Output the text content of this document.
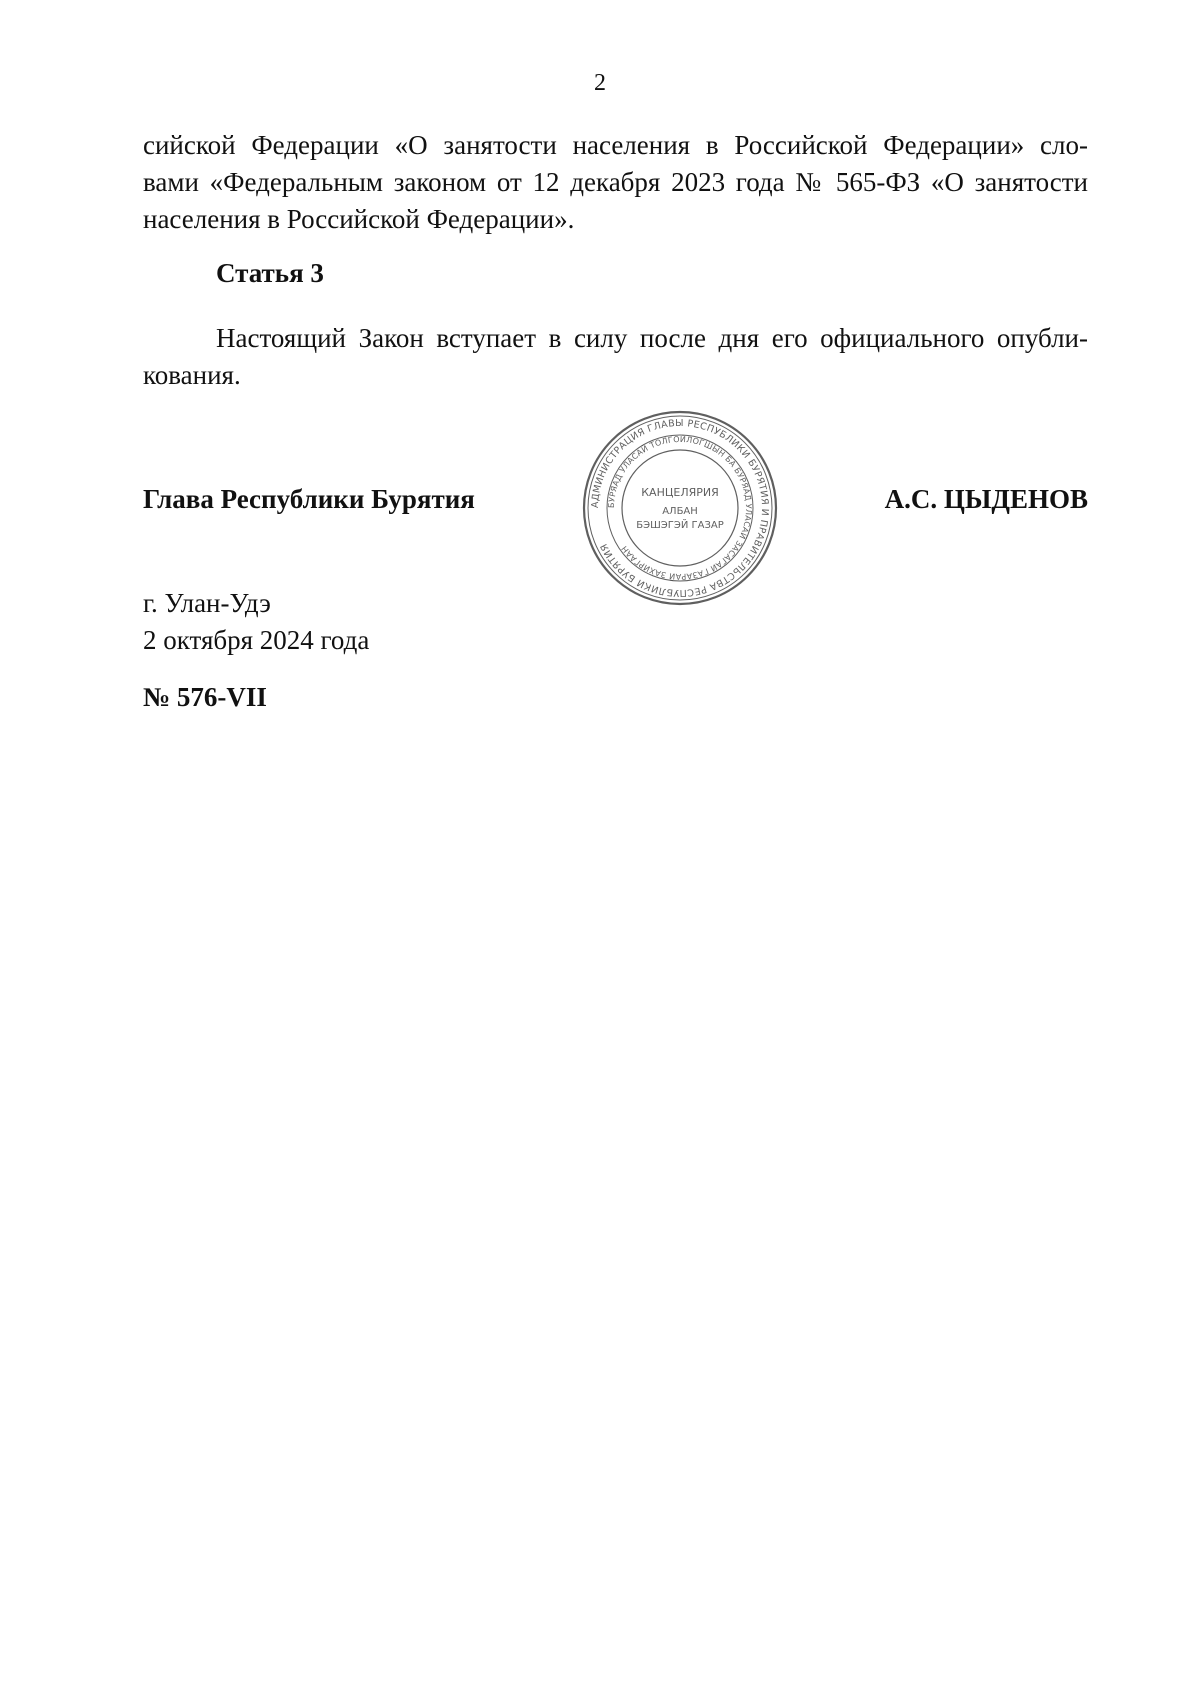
2

сийской Федерации «О занятости населения в Российской Федерации» сло-
вами «Федеральным законом от 12 декабря 2023 года № 565-ФЗ «О занятости
населения в Российской Федерации».

Статья 3

Настоящий Закон вступает в силу после дня его официального опубли-
кования.

Глава Республики Бурятия	АДМИНИСТРАЦИЯ ГЛАВЫ РЕСПУБЛИКИ БУРЯТИЯ И ПРАВИТЕЛЬСТВА РЕСПУБЛИКИ БУРЯТИЯ
БУРЯАД УЛАСАЙ ТОЛГОЙЛОГШЫН БА БУРЯАД УЛАСАЙ ЗАСАГАЙ ГАЗАРАЙ ЗАХИРГААН
КАНЦЕЛЯРИЯ
АЛБАН
БЭШЭГЭЙ ГАЗАР
А.С. ЦЫДЕНОВ
г. Улан-Удэ
2 октября 2024 года
№ 576-VII
